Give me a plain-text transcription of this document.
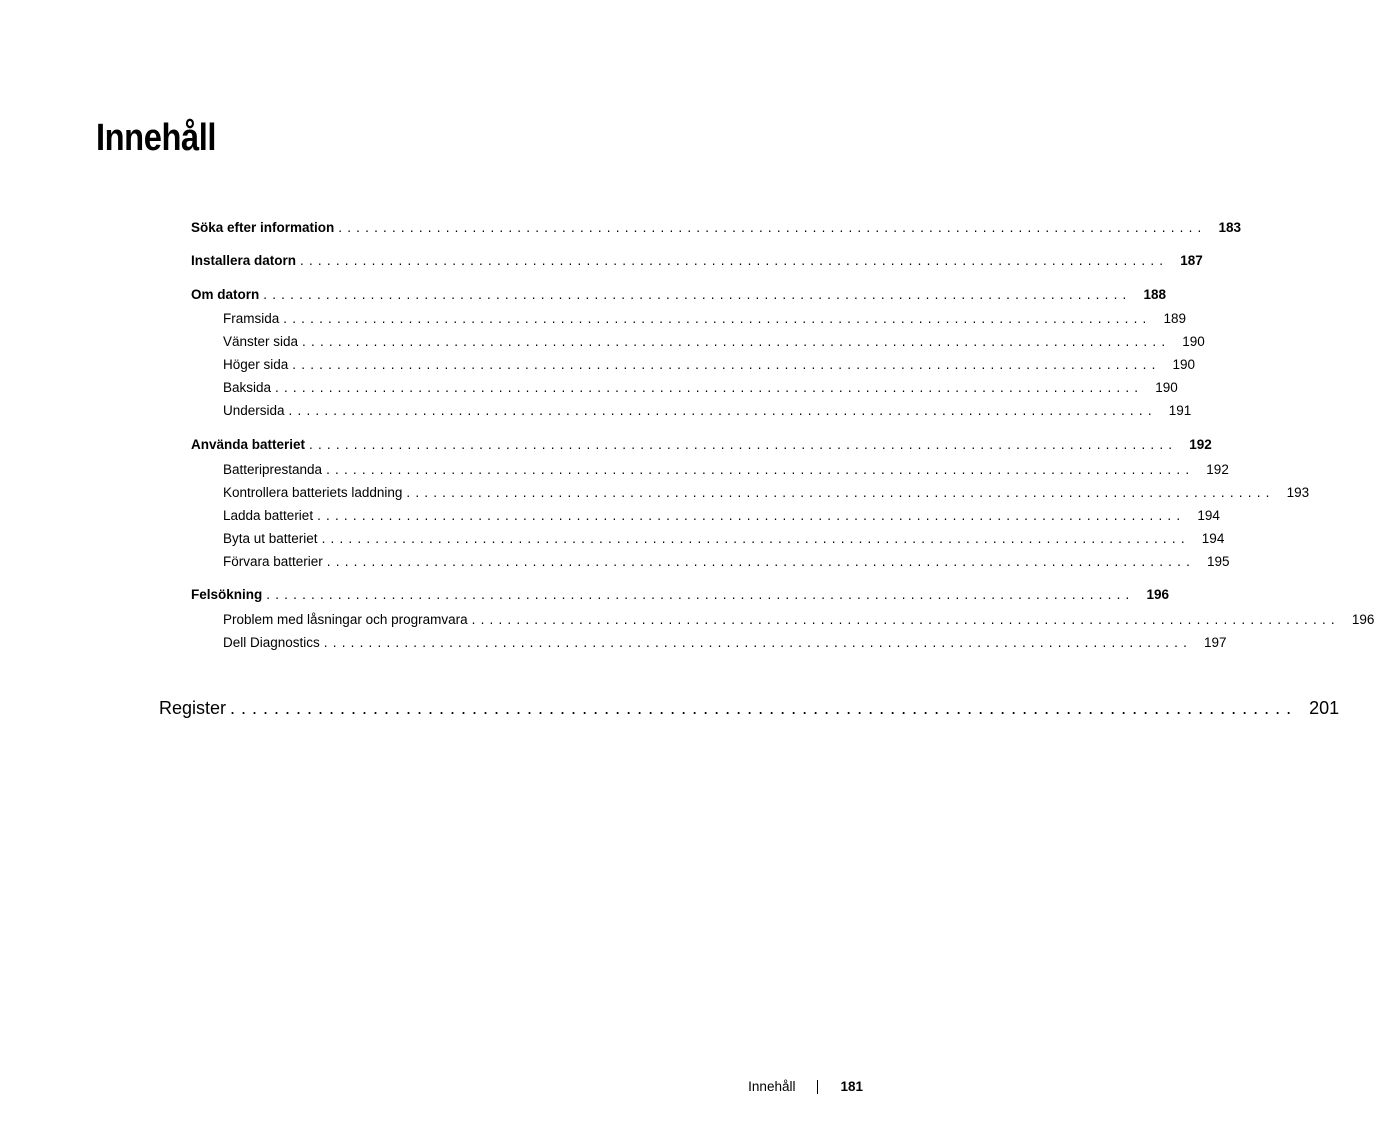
Innehåll
Söka efter information ................................................................................................. 183
Installera datorn ................................................................................................. 187
Om datorn ................................................................................................. 188
Framsida ................................................................................................. 189
Vänster sida ................................................................................................. 190
Höger sida ................................................................................................. 190
Baksida ................................................................................................. 190
Undersida ................................................................................................. 191
Använda batteriet ................................................................................................. 192
Batteriprestanda ................................................................................................. 192
Kontrollera batteriets laddning ................................................................................................. 193
Ladda batteriet ................................................................................................. 194
Byta ut batteriet ................................................................................................. 194
Förvara batterier ................................................................................................. 195
Felsökning ................................................................................................. 196
Problem med låsningar och programvara ................................................................................................. 196
Dell Diagnostics ................................................................................................. 197
Register ................................................................................................. 201
Innehåll	181
